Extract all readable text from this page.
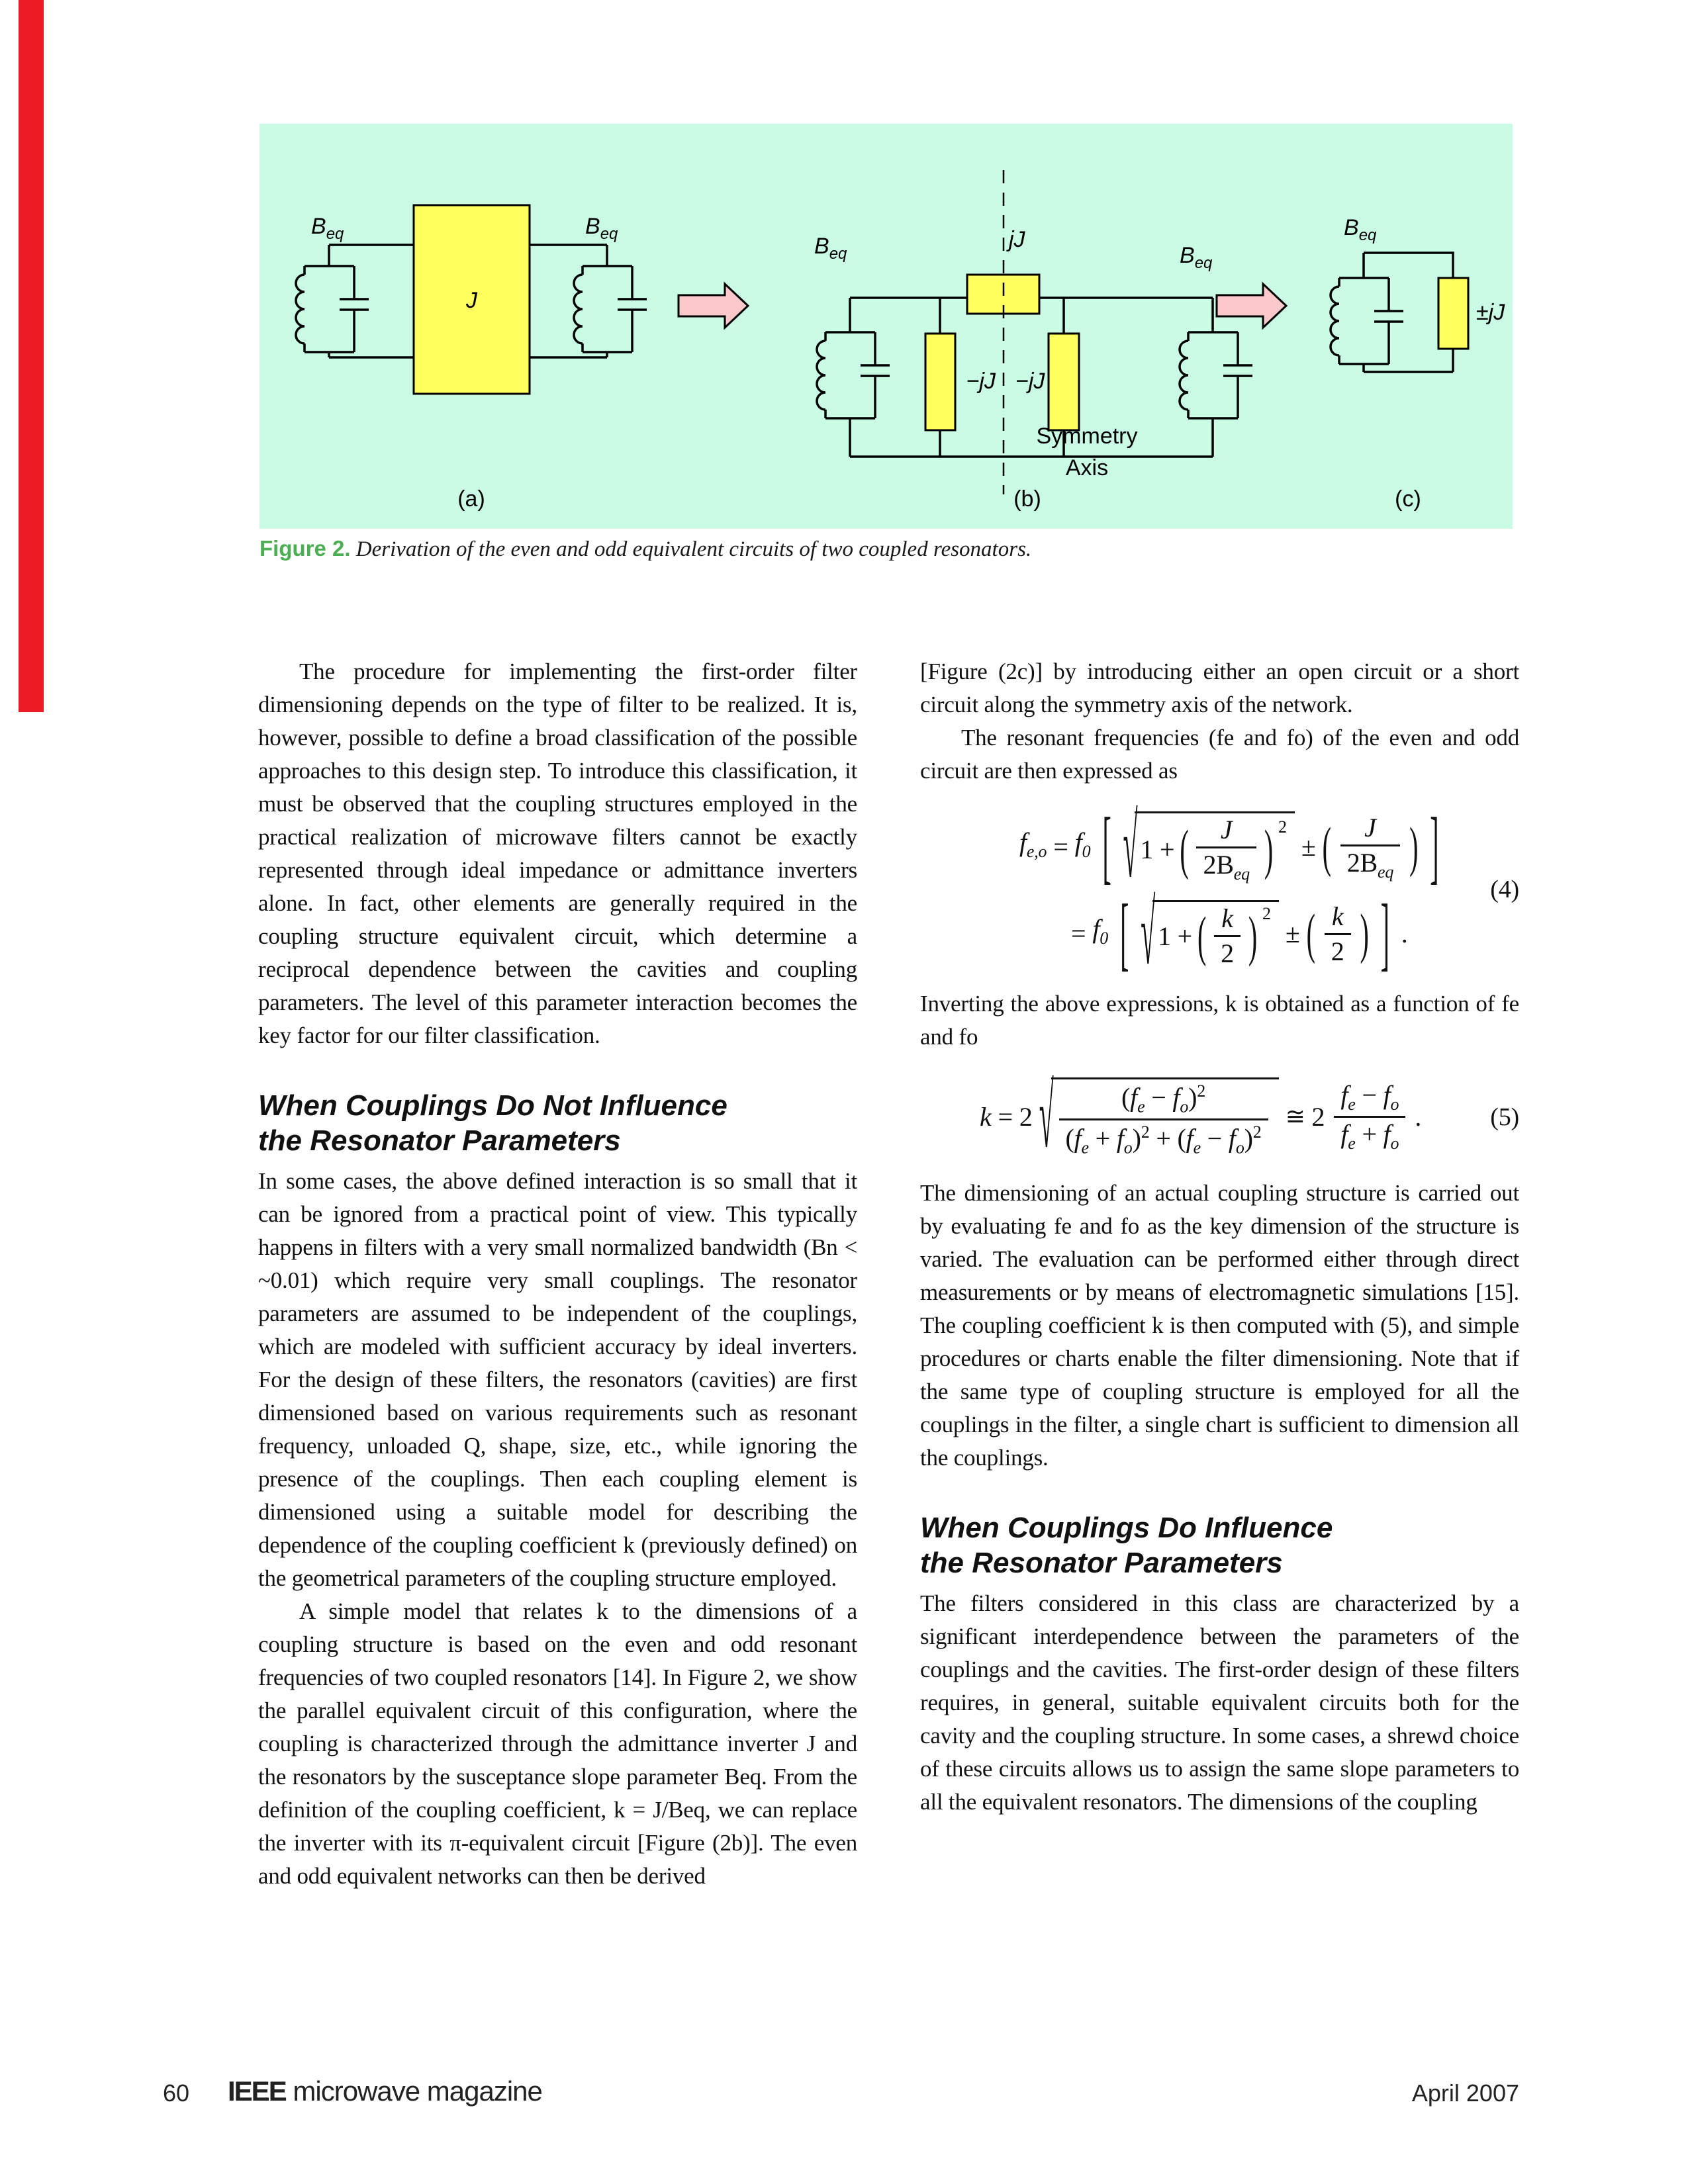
$B_{eq}$	$B_{eq}$
J
$B_{eq}$
jJ
−jJ −jJ
$B_{eq}$
$B_{eq}$
±jJ
Symmetry
Axis
(a)	(b)	(c)
Figure 2. Derivation of the even and odd equivalent circuits of two coupled resonators.

The procedure for implementing the first-order filter dimensioning depends on the type of filter to be realized. It is, however, possible to define a broad classification of the possible approaches to this design step. To introduce this classification, it must be observed that the coupling structures employed in the practical realization of microwave filters cannot be exactly represented through ideal impedance or admittance inverters alone. In fact, other elements are generally required in the coupling structure equivalent circuit, which determine a reciprocal dependence between the cavities and coupling parameters. The level of this parameter interaction becomes the key factor for our filter classification.

When Couplings Do Not Influence
the Resonator Parameters

In some cases, the above defined interaction is so small that it can be ignored from a practical point of view. This typically happens in filters with a very small normalized bandwidth (Bn < ~0.01) which require very small couplings. The resonator parameters are assumed to be independent of the couplings, which are modeled with sufficient accuracy by ideal inverters. For the design of these filters, the resonators (cavities) are first dimensioned based on various requirements such as resonant frequency, unloaded Q, shape, size, etc., while ignoring the presence of the couplings. Then each coupling element is dimensioned using a suitable model for describing the dependence of the coupling coefficient k (previously defined) on the geometrical parameters of the coupling structure employed.

A simple model that relates k to the dimensions of a coupling structure is based on the even and odd resonant frequencies of two coupled resonators [14]. In Figure 2, we show the parallel equivalent circuit of this configuration, where the coupling is characterized through the admittance inverter J and the resonators by the susceptance slope parameter Beq. From the definition of the coupling coefficient, k = J/Beq, we can replace the inverter with its π-equivalent circuit [Figure (2b)]. The even and odd equivalent networks can then be derived

[Figure (2c)] by introducing either an open circuit or a short circuit along the symmetry axis of the network.

The resonant frequencies (fe and fo) of the even and odd circuit are then expressed as

$f_{e,o} = f_0$ [ √ 1 + ( $\frac{J}{2B_{eq}}$ ) 2
± ( $\frac{J}{2B_{eq}}$ ) ]
= $f_0$ [ √ 1 + ( $\frac{k}{2}$ ) 2
± ( $\frac{k}{2}$ ) ] .
(4)

Inverting the above expressions, k is obtained as a function of fe and fo

k = 2 √ $\frac{(f_e - f_o)^2}{(f_e + f_o)^2 + (f_e - f_o)^2}$ ≅ $2 \frac{f_e - f_o}{f_e + f_o}$ .	(5)

The dimensioning of an actual coupling structure is carried out by evaluating fe and fo as the key dimension of the structure is varied. The evaluation can be performed either through direct measurements or by means of electromagnetic simulations [15]. The coupling coefficient k is then computed with (5), and simple procedures or charts enable the filter dimensioning. Note that if the same type of coupling structure is employed for all the couplings in the filter, a single chart is sufficient to dimension all the couplings.

When Couplings Do Influence
the Resonator Parameters

The filters considered in this class are characterized by a significant interdependence between the parameters of the couplings and the cavities. The first-order design of these filters requires, in general, suitable equivalent circuits both for the cavity and the coupling structure. In some cases, a shrewd choice of these circuits allows us to assign the same slope parameters to all the equivalent resonators. The dimensions of the coupling

60 IEEE microwave magazine	April 2007
